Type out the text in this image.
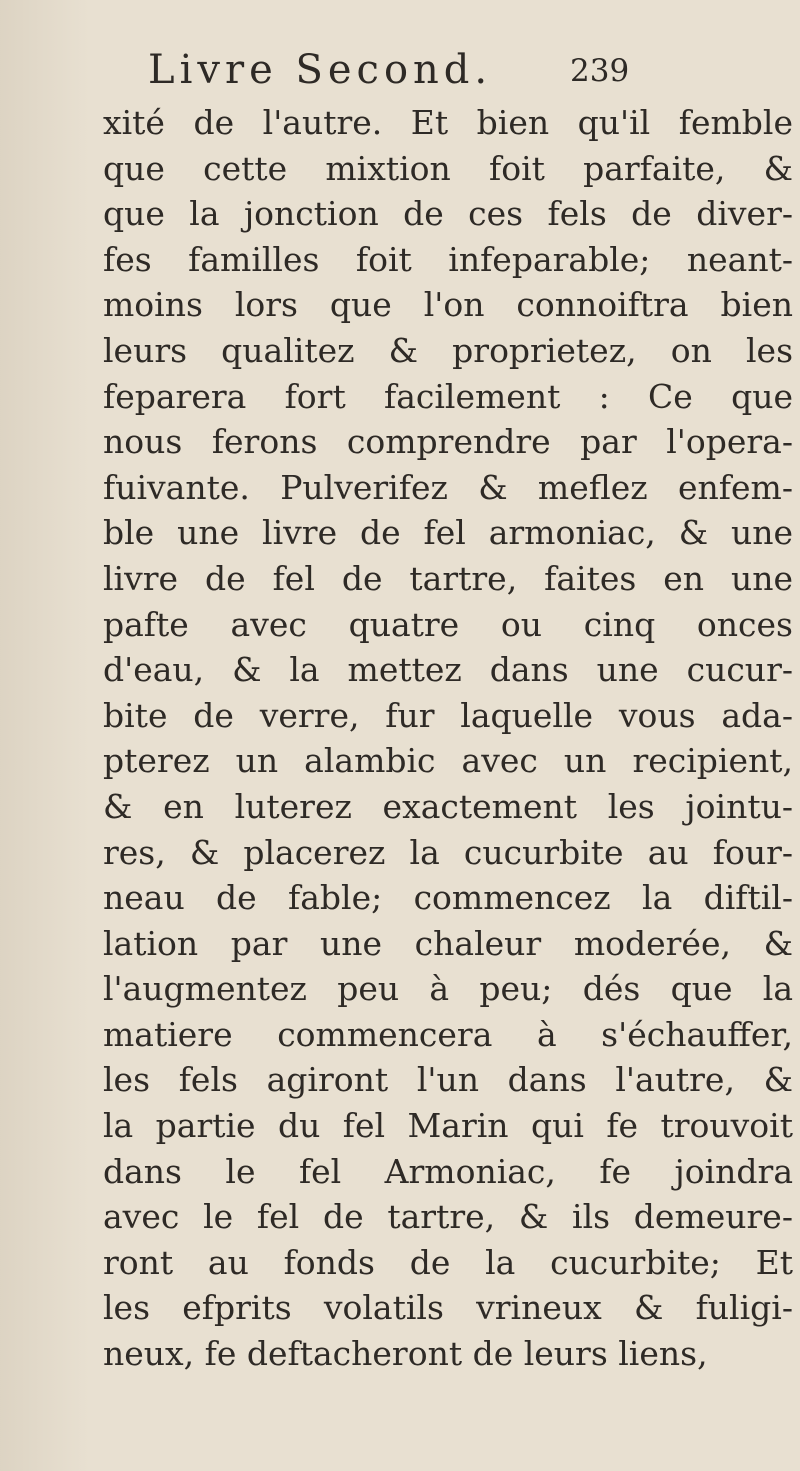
Livre Second.	239
xité de l'autre. Et bien qu'il femble
que cette mixtion foit parfaite, &
que la jonction de ces fels de diver-
fes familles foit infeparable; neant-
moins lors que l'on connoiftra bien
leurs qualitez & proprietez, on les
feparera fort facilement : Ce que
nous ferons comprendre par l'opera-
fuivante. Pulverifez & meflez enfem-
ble une livre de fel armoniac, & une
livre de fel de tartre, faites en une
pafte avec quatre ou cinq onces
d'eau, & la mettez dans une cucur-
bite de verre, fur laquelle vous ada-
pterez un alambic avec un recipient,
& en luterez exactement les jointu-
res, & placerez la cucurbite au four-
neau de fable; commencez la diftil-
lation par une chaleur moderée, &
l'augmentez peu à peu; dés que la
matiere commencera à s'échauffer,
les fels agiront l'un dans l'autre, &
la partie du fel Marin qui fe trouvoit
dans le fel Armoniac, fe joindra
avec le fel de tartre, & ils demeure-
ront au fonds de la cucurbite; Et
les efprits volatils vrineux & fuligi-
neux, fe deftacheront de leurs liens,
